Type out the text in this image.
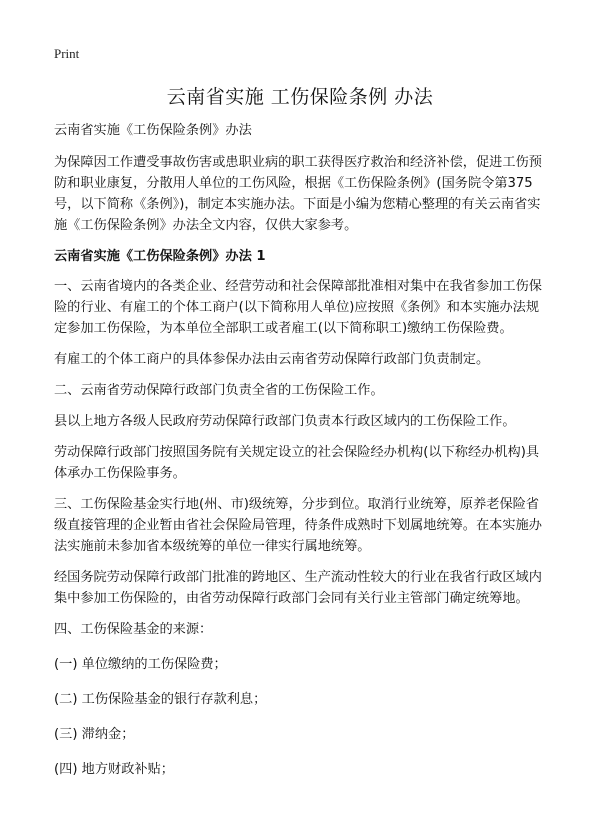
Print
云南省实施 工伤保险条例 办法

云南省实施《工伤保险条例》办法

为保障因工作遭受事故伤害或患职业病的职工获得医疗救治和经济补偿，促进工伤预防和职业康复，分散用人单位的工伤风险，根据《工伤保险条例》(国务院令第375号，以下简称《条例》)，制定本实施办法。下面是小编为您精心整理的有关云南省实施《工伤保险条例》办法全文内容，仅供大家参考。

云南省实施《工伤保险条例》办法 1

一、云南省境内的各类企业、经营劳动和社会保障部批准相对集中在我省参加工伤保险的行业、有雇工的个体工商户(以下简称用人单位)应按照《条例》和本实施办法规定参加工伤保险，为本单位全部职工或者雇工(以下简称职工)缴纳工伤保险费。

有雇工的个体工商户的具体参保办法由云南省劳动保障行政部门负责制定。

二、云南省劳动保障行政部门负责全省的工伤保险工作。

县以上地方各级人民政府劳动保障行政部门负责本行政区域内的工伤保险工作。

劳动保障行政部门按照国务院有关规定设立的社会保险经办机构(以下称经办机构)具体承办工伤保险事务。

三、工伤保险基金实行地(州、市)级统筹，分步到位。取消行业统筹，原养老保险省级直接管理的企业暂由省社会保险局管理，待条件成熟时下划属地统筹。在本实施办法实施前未参加省本级统筹的单位一律实行属地统筹。

经国务院劳动保障行政部门批准的跨地区、生产流动性较大的行业在我省行政区域内集中参加工伤保险的，由省劳动保障行政部门会同有关行业主管部门确定统筹地。

四、工伤保险基金的来源：

(一) 单位缴纳的工伤保险费；

(二) 工伤保险基金的银行存款利息；

(三) 滞纳金；

(四) 地方财政补贴；
